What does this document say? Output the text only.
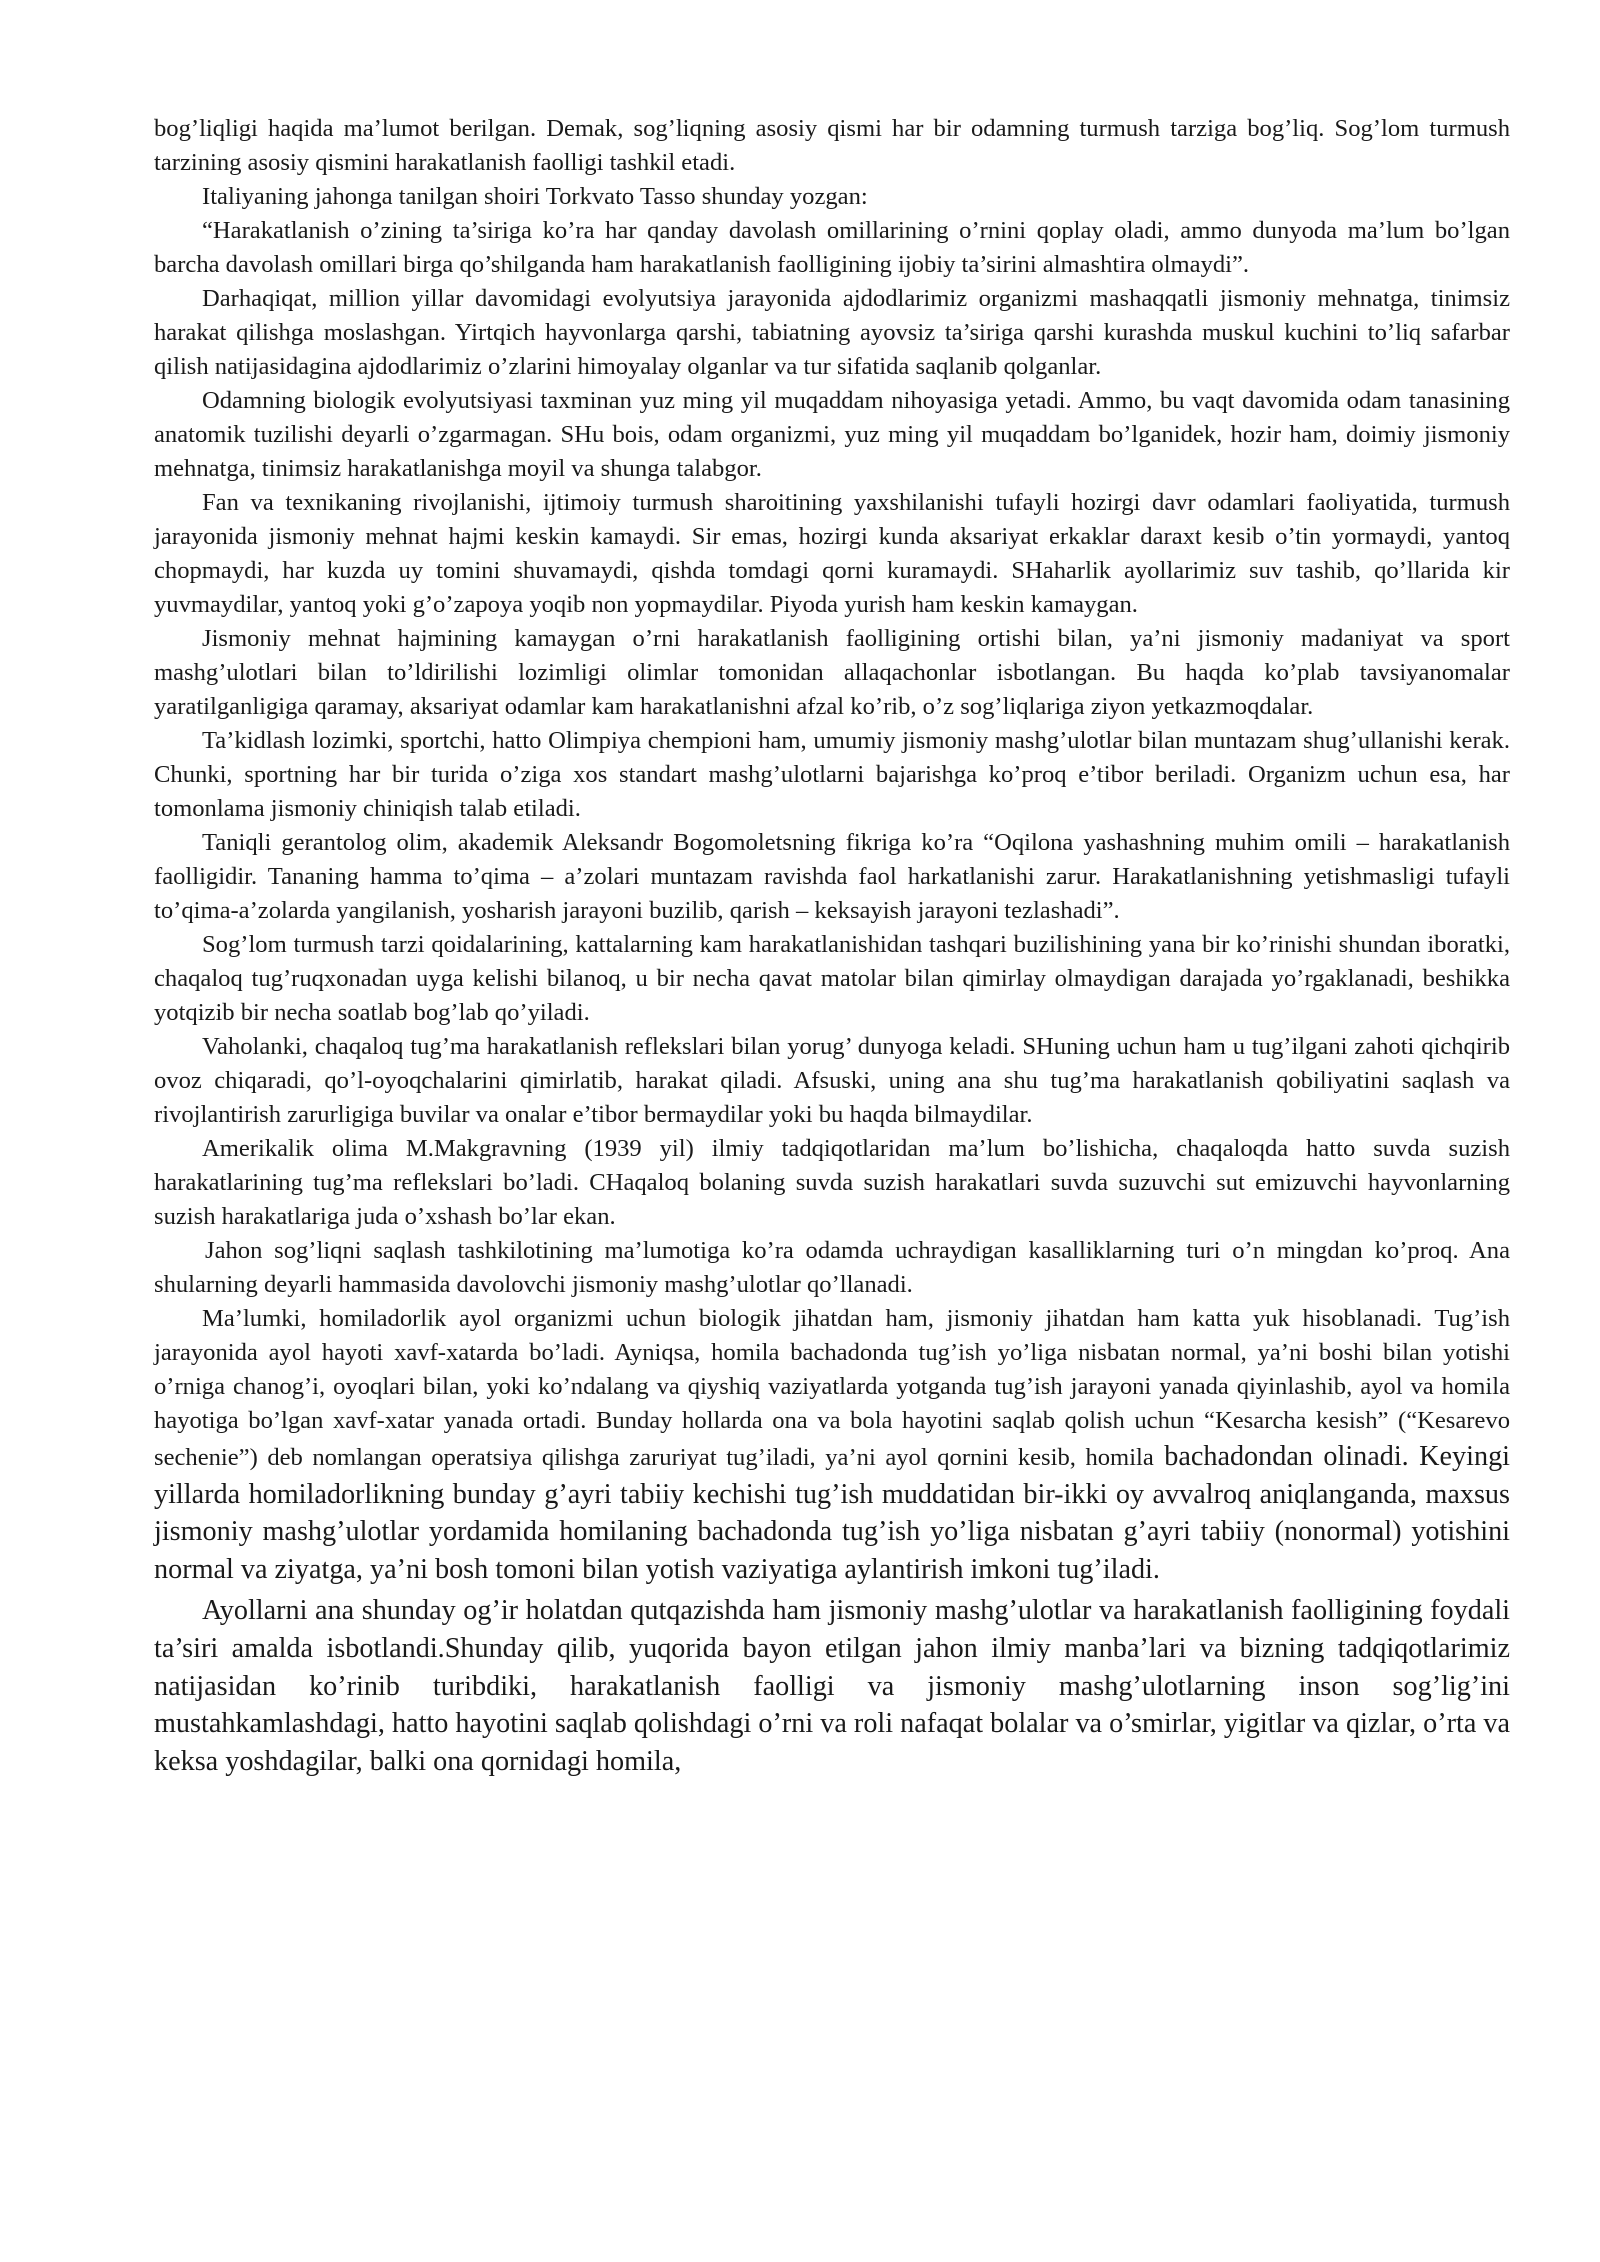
bog’liqligi haqida ma’lumot berilgan. Demak, sog’liqning asosiy qismi har bir odamning turmush tarziga bog’liq. Sog’lom turmush tarzining asosiy qismini harakatlanish faolligi tashkil etadi.

Italiyaning jahonga tanilgan shoiri Torkvato Tasso shunday yozgan:

“Harakatlanish o’zining ta’siriga ko’ra har qanday davolash omillarining o’rnini qoplay oladi, ammo dunyoda ma’lum bo’lgan barcha davolash omillari birga qo’shilganda ham harakatlanish faolligining ijobiy ta’sirini almashtira olmaydi”.

Darhaqiqat, million yillar davomidagi evolyutsiya jarayonida ajdodlarimiz organizmi mashaqqatli jismoniy mehnatga, tinimsiz harakat qilishga moslashgan. Yirtqich hayvonlarga qarshi, tabiatning ayovsiz ta’siriga qarshi kurashda muskul kuchini to’liq safarbar qilish natijasidagina ajdodlarimiz o’zlarini himoyalay olganlar va tur sifatida saqlanib qolganlar.

Odamning biologik evolyutsiyasi taxminan yuz ming yil muqaddam nihoyasiga yetadi. Ammo, bu vaqt davomida odam tanasining anatomik tuzilishi deyarli o’zgarmagan. SHu bois, odam organizmi, yuz ming yil muqaddam bo’lganidek, hozir ham, doimiy jismoniy mehnatga, tinimsiz harakatlanishga moyil va shunga talabgor.

Fan va texnikaning rivojlanishi, ijtimoiy turmush sharoitining yaxshilanishi tufayli hozirgi davr odamlari faoliyatida, turmush jarayonida jismoniy mehnat hajmi keskin kamaydi. Sir emas, hozirgi kunda aksariyat erkaklar daraxt kesib o’tin yormaydi, yantoq chopmaydi, har kuzda uy tomini shuvamaydi, qishda tomdagi qorni kuramaydi. SHaharlik ayollarimiz suv tashib, qo’llarida kir yuvmaydilar, yantoq yoki g’o’zapoya yoqib non yopmaydilar. Piyoda yurish ham keskin kamaygan.

Jismoniy mehnat hajmining kamaygan o’rni harakatlanish faolligining ortishi bilan, ya’ni jismoniy madaniyat va sport mashg’ulotlari bilan to’ldirilishi lozimligi olimlar tomonidan allaqachonlar isbotlangan. Bu haqda ko’plab tavsiyanomalar yaratilganligiga qaramay, aksariyat odamlar kam harakatlanishni afzal ko’rib, o’z sog’liqlariga ziyon yetkazmoqdalar.

Ta’kidlash lozimki, sportchi, hatto Olimpiya chempioni ham, umumiy jismoniy mashg’ulotlar bilan muntazam shug’ullanishi kerak. Chunki, sportning har bir turida o’ziga xos standart mashg’ulotlarni bajarishga ko’proq e’tibor beriladi. Organizm uchun esa, har tomonlama jismoniy chiniqish talab etiladi.

Taniqli gerantolog olim, akademik Aleksandr Bogomoletsning fikriga ko’ra “Oqilona yashashning muhim omili – harakatlanish faolligidir. Tananing hamma to’qima – a’zolari muntazam ravishda faol harkatlanishi zarur. Harakatlanishning yetishmasligi tufayli to’qima-a’zolarda yangilanish, yosharish jarayoni buzilib, qarish – keksayish jarayoni tezlashadi”.

Sog’lom turmush tarzi qoidalarining, kattalarning kam harakatlanishidan tashqari buzilishining yana bir ko’rinishi shundan iboratki, chaqaloq tug’ruqxonadan uyga kelishi bilanoq, u bir necha qavat matolar bilan qimirlay olmaydigan darajada yo’rgaklanadi, beshikka yotqizib bir necha soatlab bog’lab qo’yiladi.

Vaholanki, chaqaloq tug’ma harakatlanish reflekslari bilan yorug’ dunyoga keladi. SHuning uchun ham u tug’ilgani zahoti qichqirib ovoz chiqaradi, qo’l-oyoqchalarini qimirlatib, harakat qiladi. Afsuski, uning ana shu tug’ma harakatlanish qobiliyatini saqlash va rivojlantirish zarurligiga buvilar va onalar e’tibor bermaydilar yoki bu haqda bilmaydilar.

Amerikalik olima M.Makgravning (1939 yil) ilmiy tadqiqotlaridan ma’lum bo’lishicha, chaqaloqda hatto suvda suzish harakatlarining tug’ma reflekslari bo’ladi. CHaqaloq bolaning suvda suzish harakatlari suvda suzuvchi sut emizuvchi hayvonlarning suzish harakatlariga juda o’xshash bo’lar ekan.

Jahon sog’liqni saqlash tashkilotining ma’lumotiga ko’ra odamda uchraydigan kasalliklarning turi o’n mingdan ko’proq. Ana shularning deyarli hammasida davolovchi jismoniy mashg’ulotlar qo’llanadi.

Ma’lumki, homiladorlik ayol organizmi uchun biologik jihatdan ham, jismoniy jihatdan ham katta yuk hisoblanadi. Tug’ish jarayonida ayol hayoti xavf-xatarda bo’ladi. Ayniqsa, homila bachadonda tug’ish yo’liga nisbatan normal, ya’ni boshi bilan yotishi o’rniga chanog’i, oyoqlari bilan, yoki ko’ndalang va qiyshiq vaziyatlarda yotganda tug’ish jarayoni yanada qiyinlashib, ayol va homila hayotiga bo’lgan xavf-xatar yanada ortadi. Bunday hollarda ona va bola hayotini saqlab qolish uchun “Kesarcha kesish” (“Kesarevo sechenie”) deb nomlangan operatsiya qilishga zaruriyat tug’iladi, ya’ni ayol qornini kesib, homila bachadondan olinadi. Keyingi yillarda homiladorlikning bunday g’ayri tabiiy kechishi tug’ish muddatidan bir-ikki oy avvalroq aniqlanganda, maxsus jismoniy mashg’ulotlar yordamida homilaning bachadonda tug’ish yo’liga nisbatan g’ayri tabiiy (nonormal) yotishini normal va ziyatga, ya’ni bosh tomoni bilan yotish vaziyatiga aylantirish imkoni tug’iladi.

Ayollarni ana shunday og’ir holatdan qutqazishda ham jismoniy mashg’ulotlar va harakatlanish faolligining foydali ta’siri amalda isbotlandi.Shunday qilib, yuqorida bayon etilgan jahon ilmiy manba’lari va bizning tadqiqotlarimiz natijasidan ko’rinib turibdiki, harakatlanish faolligi va jismoniy mashg’ulotlarning inson sog’lig’ini mustahkamlashdagi, hatto hayotini saqlab qolishdagi o’rni va roli nafaqat bolalar va o’smirlar, yigitlar va qizlar, o’rta va keksa yoshdagilar, balki ona qornidagi homila,
